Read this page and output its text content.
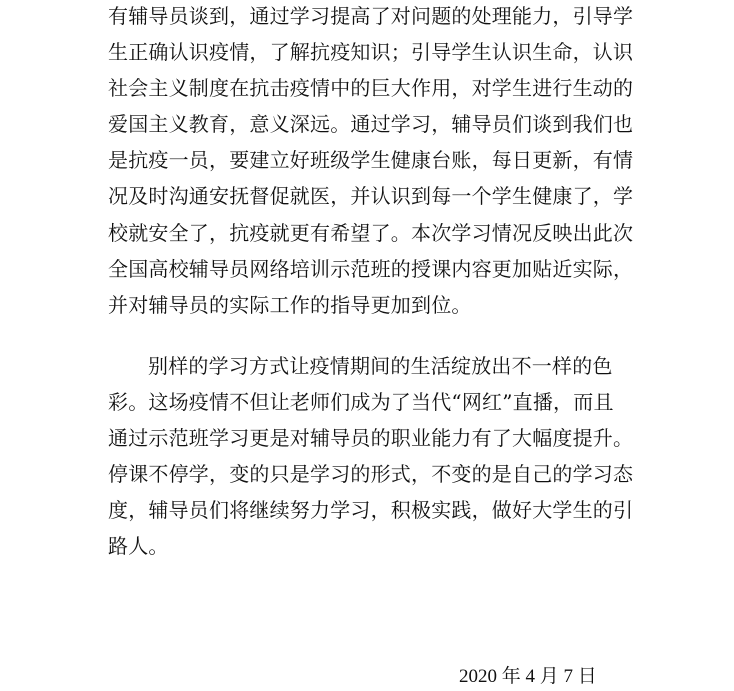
有辅导员谈到，通过学习提高了对问题的处理能力，引导学
生正确认识疫情，了解抗疫知识；引导学生认识生命，认识
社会主义制度在抗击疫情中的巨大作用，对学生进行生动的
爱国主义教育，意义深远。通过学习，辅导员们谈到我们也
是抗疫一员，要建立好班级学生健康台账，每日更新，有情
况及时沟通安抚督促就医，并认识到每一个学生健康了，学
校就安全了，抗疫就更有希望了。本次学习情况反映出此次
全国高校辅导员网络培训示范班的授课内容更加贴近实际，
并对辅导员的实际工作的指导更加到位。
别样的学习方式让疫情期间的生活绽放出不一样的色
彩。这场疫情不但让老师们成为了当代“网红”直播，而且
通过示范班学习更是对辅导员的职业能力有了大幅度提升。
停课不停学，变的只是学习的形式，不变的是自己的学习态
度，辅导员们将继续努力学习，积极实践，做好大学生的引
路人。
2020 年 4 月 7 日
